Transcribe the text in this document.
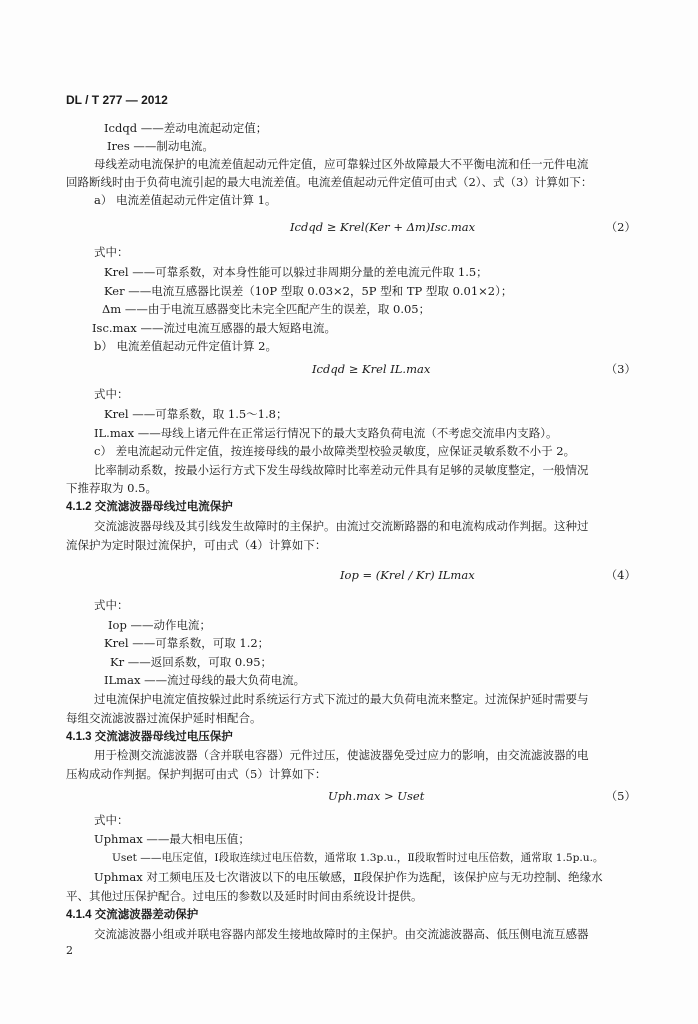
DL / T 277 — 2012
Icdqd ——差动电流起动定值；
Ires ——制动电流。
母线差动电流保护的电流差值起动元件定值，应可靠躲过区外故障最大不平衡电流和任一元件电流
回路断线时由于负荷电流引起的最大电流差值。电流差值起动元件定值可由式（2）、式（3）计算如下：
a） 电流差值起动元件定值计算 1。
Icdqd ≥ Krel(Ker + Δm)Isc.max	（2）
式中：
Krel ——可靠系数，对本身性能可以躲过非周期分量的差电流元件取 1.5；
Ker ——电流互感器比误差（10P 型取 0.03×2，5P 型和 TP 型取 0.01×2）；
Δm ——由于电流互感器变比未完全匹配产生的误差，取 0.05；
Isc.max ——流过电流互感器的最大短路电流。
b） 电流差值起动元件定值计算 2。
Icdqd ≥ Krel IL.max	（3）
式中：
Krel ——可靠系数，取 1.5～1.8；
IL.max ——母线上诸元件在正常运行情况下的最大支路负荷电流（不考虑交流串内支路）。
c） 差电流起动元件定值，按连接母线的最小故障类型校验灵敏度，应保证灵敏系数不小于 2。
比率制动系数，按最小运行方式下发生母线故障时比率差动元件具有足够的灵敏度整定，一般情况
下推荐取为 0.5。
4.1.2 交流滤波器母线过电流保护
交流滤波器母线及其引线发生故障时的主保护。由流过交流断路器的和电流构成动作判据。这种过
流保护为定时限过流保护，可由式（4）计算如下：
Iop = (Krel / Kr) ILmax	（4）
式中：
Iop ——动作电流；
Krel ——可靠系数，可取 1.2；
Kr ——返回系数，可取 0.95；
ILmax ——流过母线的最大负荷电流。
过电流保护电流定值按躲过此时系统运行方式下流过的最大负荷电流来整定。过流保护延时需要与
每组交流滤波器过流保护延时相配合。
4.1.3 交流滤波器母线过电压保护
用于检测交流滤波器（含并联电容器）元件过压，使滤波器免受过应力的影响，由交流滤波器的电
压构成动作判据。保护判据可由式（5）计算如下：
Uph.max > Uset	（5）
式中：
Uphmax ——最大相电压值；
Uset ——电压定值，Ⅰ段取连续过电压倍数，通常取 1.3p.u.，Ⅱ段取暂时过电压倍数，通常取 1.5p.u.。
Uphmax 对工频电压及七次谐波以下的电压敏感，Ⅱ段保护作为选配，该保护应与无功控制、绝缘水
平、其他过压保护配合。过电压的参数以及延时时间由系统设计提供。
4.1.4 交流滤波器差动保护
交流滤波器小组或并联电容器内部发生接地故障时的主保护。由交流滤波器高、低压侧电流互感器
2
